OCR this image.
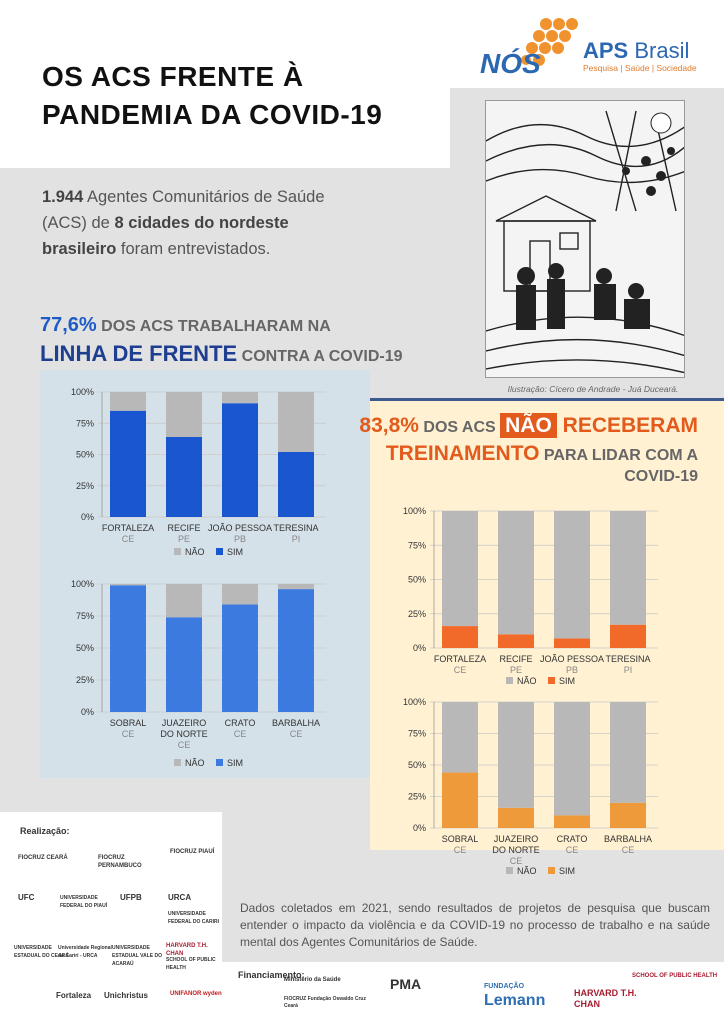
OS ACS FRENTE À
PANDEMIA DA COVID-19
NÓS APS Brasil
Pesquisa | Saúde | Sociedade
1.944 Agentes Comunitários de Saúde (ACS) de 8 cidades do nordeste brasileiro foram entrevistados.
Ilustração: Cícero de Andrade - Juá Duceará.
77,6% DOS ACS TRABALHARAM NA
LINHA DE FRENTE CONTRA A COVID-19
0%
25%
50%
75%
100%
FORTALEZA
CE
RECIFE
PE
JOÃO PESSOA
PB
TERESINA
PI
NÃO SIM
0%
25%
50%
75%
100%
SOBRAL
CE
JUAZEIRO
DO NORTE
CE
CRATO
CE
BARBALHA
CE
NÃO SIM
0%
25%
50%
75%
100%
FORTALEZA
CE
RECIFE
PE
JOÃO PESSOA
PB
TERESINA
PI
NÃO SIM
0%
25%
50%
75%
100%
SOBRAL
CE
JUAZEIRO
DO NORTE
CE
CRATO
CE
BARBALHA
CE
NÃO SIM
83,8% DOS ACS NÃO RECEBERAM
TREINAMENTO PARA LIDAR COM A
COVID-19
Realização:
FIOCRUZ CEARÁ	FIOCRUZ PERNAMBUCO
FIOCRUZ PIAUÍ
UFC	UNIVERSIDADE FEDERAL DO PIAUÍ
UFPB	URCA
UNIVERSIDADE FEDERAL DO CARIRI
UNIVERSIDADE ESTADUAL DO CEARÁ
Universidade Regional do Cariri - URCA
UNIVERSIDADE ESTADUAL VALE DO ACARAÚ
HARVARD T.H. CHAN
SCHOOL OF PUBLIC HEALTH
Fortaleza Unichristus	UNIFANOR wyden
Dados coletados em 2021, sendo resultados de projetos de pesquisa que buscam entender o impacto da violência e da COVID-19 no processo de trabalho e na saúde mental dos Agentes Comunitários de Saúde.
Financiamento:
Ministério da Saúde
FIOCRUZ Fundação Oswaldo Cruz Ceará
PMA	FUNDAÇÃO
Lemann	HARVARD T.H. CHAN
SCHOOL OF PUBLIC HEALTH
